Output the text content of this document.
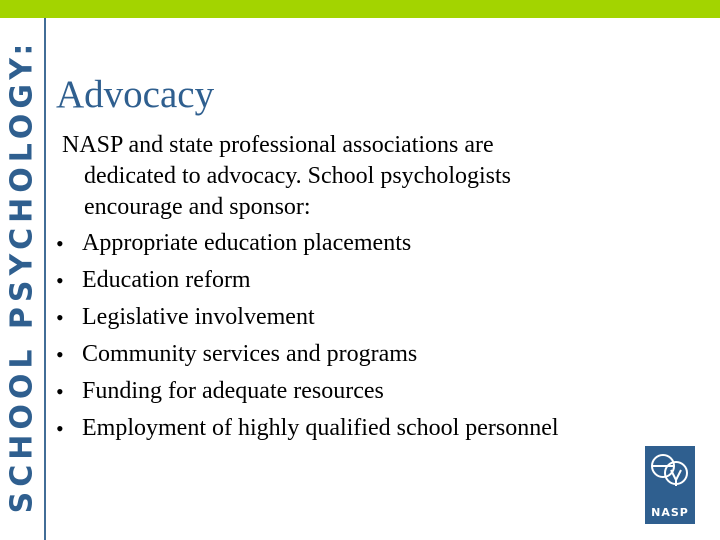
SCHOOL PSYCHOLOGY: Advocacy
NASP and state professional associations are
dedicated to advocacy. School psychologists
encourage and sponsor:
• Appropriate education placements
• Education reform
• Legislative involvement
• Community services and programs
• Funding for adequate resources
• Employment of highly qualified school personnel
NASP
